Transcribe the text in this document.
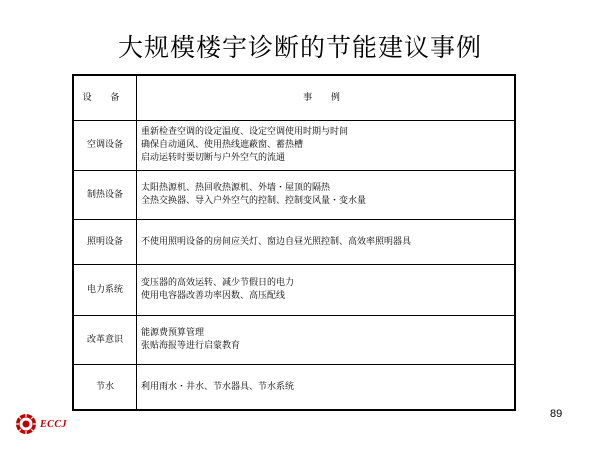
大规模楼宇诊断的节能建议事例
设 备	事 例
空调设备	重新检查空调的设定温度、设定空调使用时期与时间
确保自动通风、使用热线遮蔽窗、蓄热槽
启动运转时要切断与户外空气的流通

制热设备	太阳热源机、热回收热源机、外墙・屋顶的隔热
全热交换器、导入户外空气的控制、控制变风量・变水量

照明设备	不使用照明设备的房间应关灯、窗边自昼光照控制、高效率照明器具

电力系统	变压器的高效运转、减少节假日的电力
使用电容器改善功率因数、高压配线

改革意识	能源费预算管理
张贴海报等进行启蒙教育

节水	利用雨水・井水、节水器具、节水系统
ECCJ
89
